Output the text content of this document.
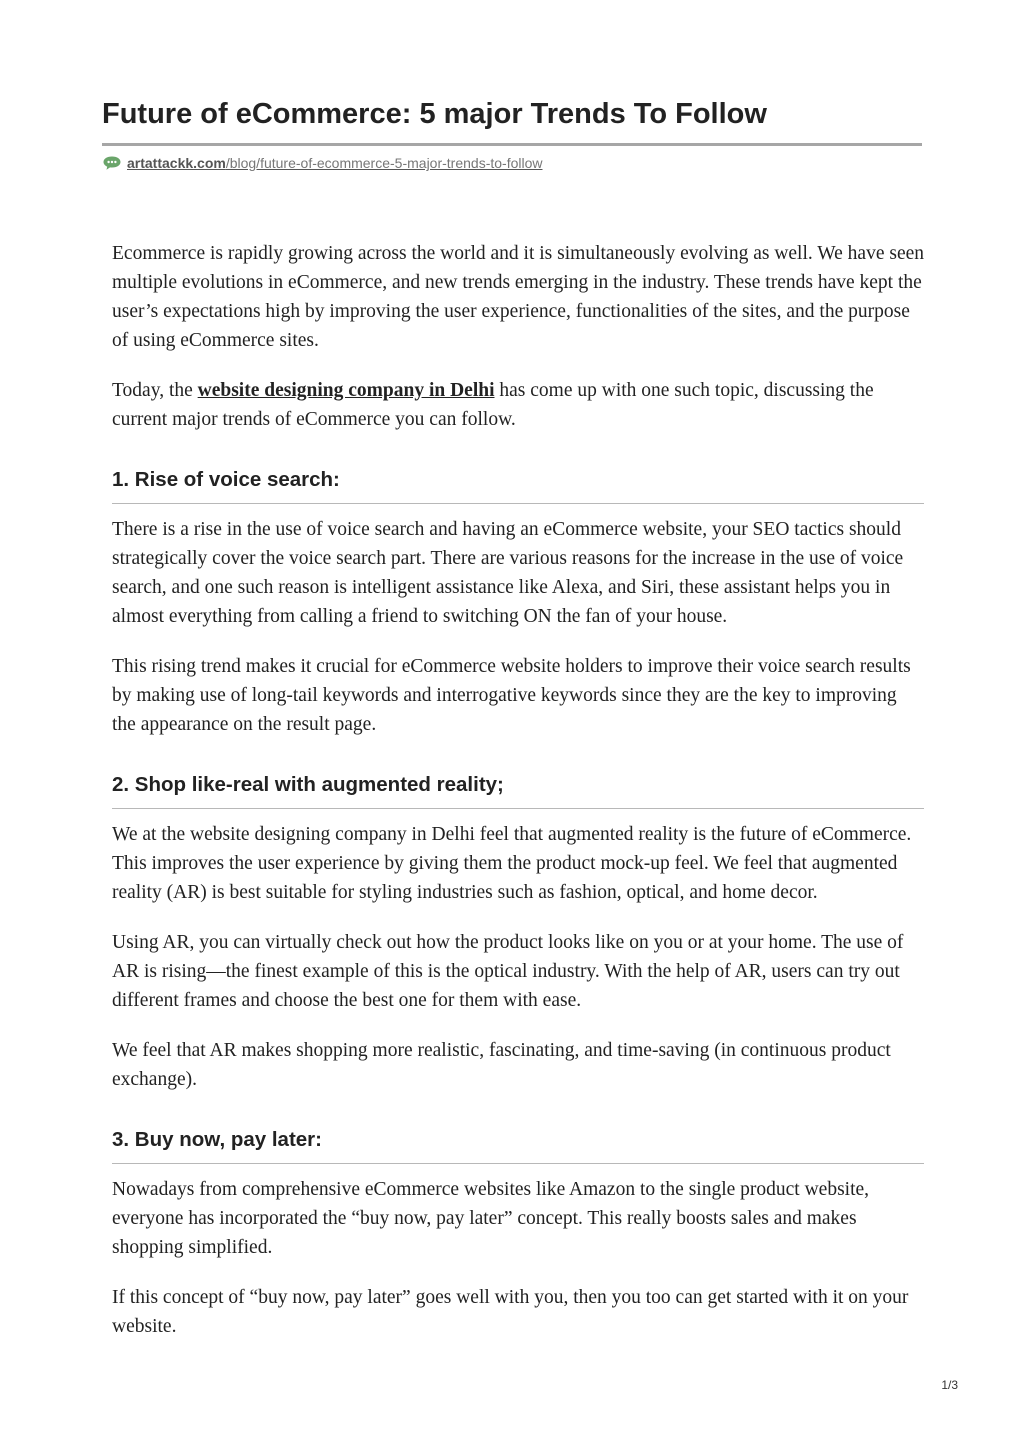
Future of eCommerce: 5 major Trends To Follow
artattackk.com/blog/future-of-ecommerce-5-major-trends-to-follow

Ecommerce is rapidly growing across the world and it is simultaneously evolving as well. We have seen multiple evolutions in eCommerce, and new trends emerging in the industry. These trends have kept the user’s expectations high by improving the user experience, functionalities of the sites, and the purpose of using eCommerce sites.

Today, the website designing company in Delhi has come up with one such topic, discussing the current major trends of eCommerce you can follow.

1. Rise of voice search:

There is a rise in the use of voice search and having an eCommerce website, your SEO tactics should strategically cover the voice search part. There are various reasons for the increase in the use of voice search, and one such reason is intelligent assistance like Alexa, and Siri, these assistant helps you in almost everything from calling a friend to switching ON the fan of your house.

This rising trend makes it crucial for eCommerce website holders to improve their voice search results by making use of long-tail keywords and interrogative keywords since they are the key to improving the appearance on the result page.

2. Shop like-real with augmented reality;

We at the website designing company in Delhi feel that augmented reality is the future of eCommerce. This improves the user experience by giving them the product mock-up feel. We feel that augmented reality (AR) is best suitable for styling industries such as fashion, optical, and home decor.

Using AR, you can virtually check out how the product looks like on you or at your home. The use of AR is rising—the finest example of this is the optical industry. With the help of AR, users can try out different frames and choose the best one for them with ease.

We feel that AR makes shopping more realistic, fascinating, and time-saving (in continuous product exchange).

3. Buy now, pay later:

Nowadays from comprehensive eCommerce websites like Amazon to the single product website, everyone has incorporated the “buy now, pay later” concept. This really boosts sales and makes shopping simplified.

If this concept of “buy now, pay later” goes well with you, then you too can get started with it on your website.

1/3
